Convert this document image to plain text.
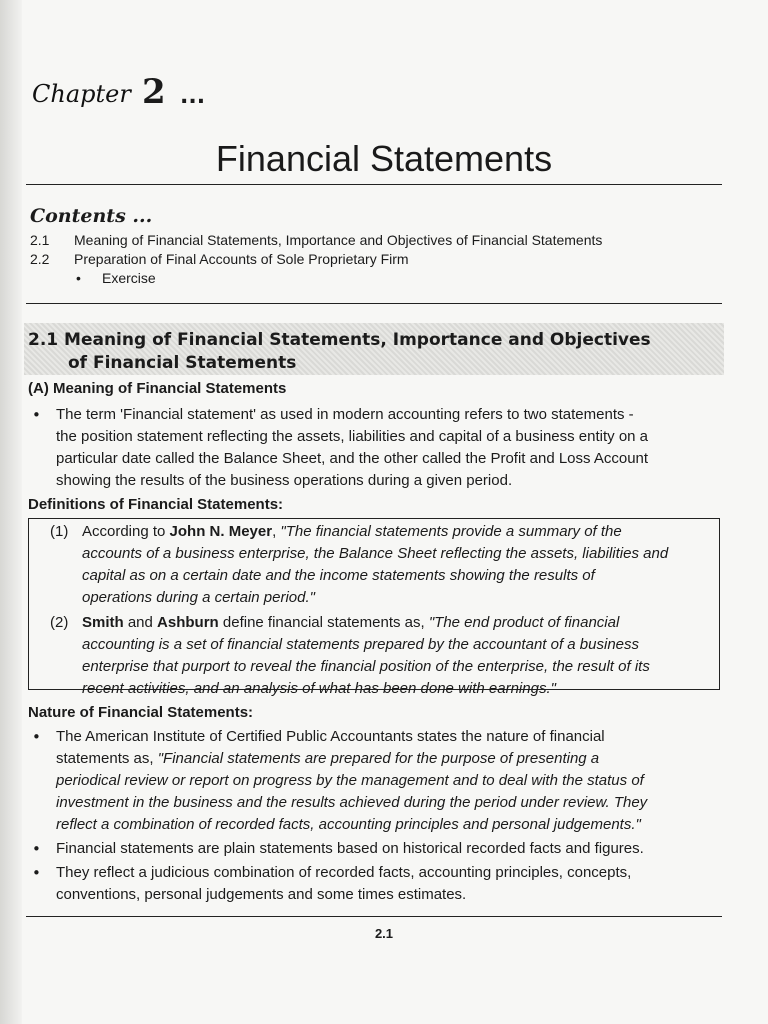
Chapter 2 ...
Financial Statements
Contents ...
2.1 Meaning of Financial Statements, Importance and Objectives of Financial Statements
2.2 Preparation of Final Accounts of Sole Proprietary Firm
• Exercise
2.1 Meaning of Financial Statements, Importance and Objectives
of Financial Statements
(A) Meaning of Financial Statements
• The term 'Financial statement' as used in modern accounting refers to two statements -
the position statement reflecting the assets, liabilities and capital of a business entity on a
particular date called the Balance Sheet, and the other called the Profit and Loss Account
showing the results of the business operations during a given period.
Definitions of Financial Statements:
(1) According to John N. Meyer, "The financial statements provide a summary of the
accounts of a business enterprise, the Balance Sheet reflecting the assets, liabilities and
capital as on a certain date and the income statements showing the results of
operations during a certain period."
(2) Smith and Ashburn define financial statements as, "The end product of financial
accounting is a set of financial statements prepared by the accountant of a business
enterprise that purport to reveal the financial position of the enterprise, the result of its
recent activities, and an analysis of what has been done with earnings."
Nature of Financial Statements:
• The American Institute of Certified Public Accountants states the nature of financial
statements as, "Financial statements are prepared for the purpose of presenting a
periodical review or report on progress by the management and to deal with the status of
investment in the business and the results achieved during the period under review. They
reflect a combination of recorded facts, accounting principles and personal judgements."
• Financial statements are plain statements based on historical recorded facts and figures.
• They reflect a judicious combination of recorded facts, accounting principles, concepts,
conventions, personal judgements and some times estimates.
2.1
